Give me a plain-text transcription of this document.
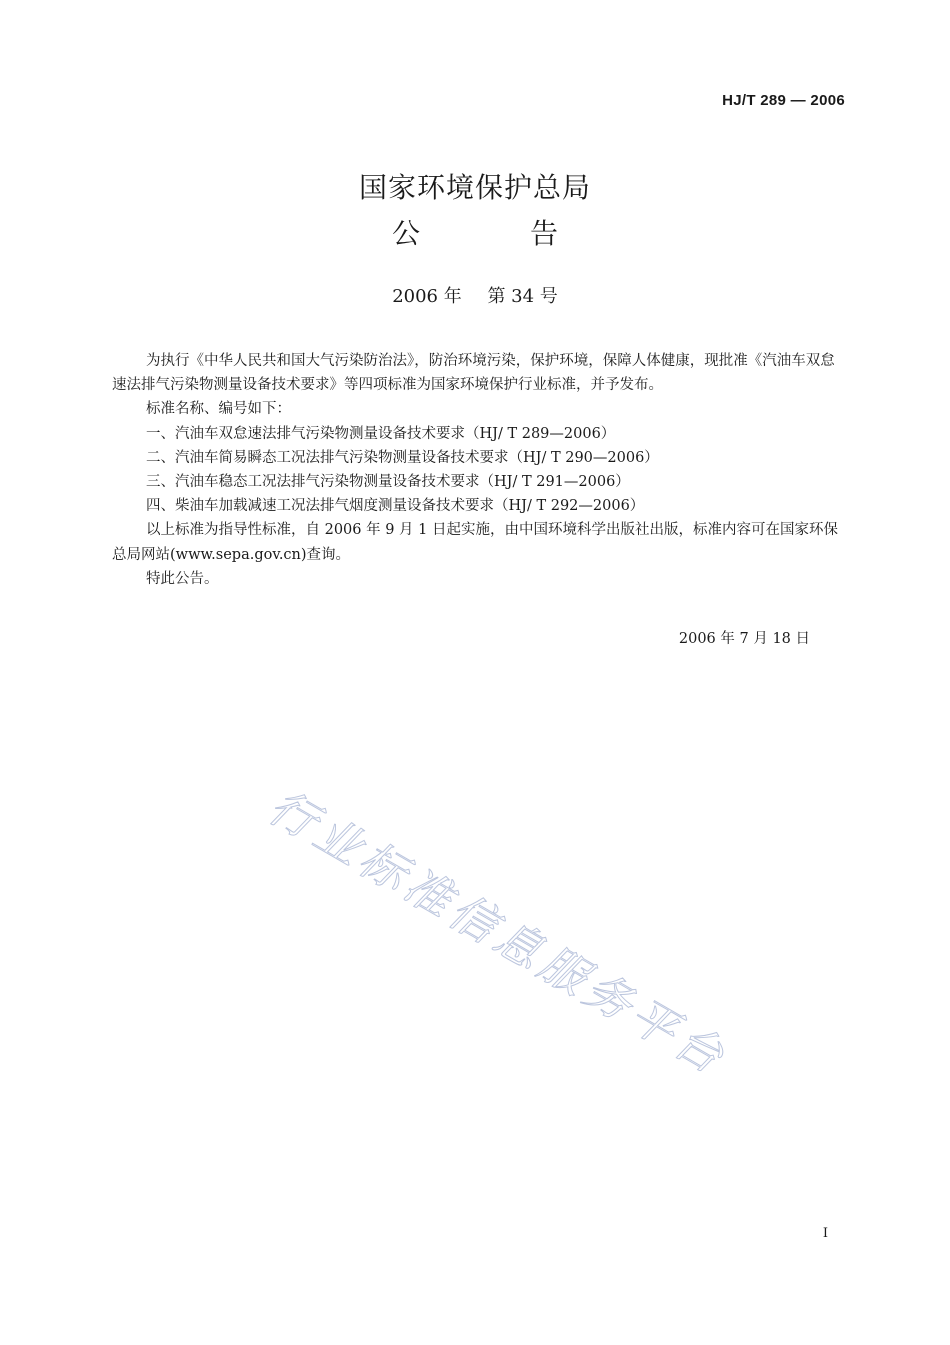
HJ/T 289 — 2006
国家环境保护总局
公告
2006 年 第 34 号

为执行《中华人民共和国大气污染防治法》，防治环境污染，保护环境，保障人体健康，现批准《汽油车双怠速法排气污染物测量设备技术要求》等四项标准为国家环境保护行业标准，并予发布。

标准名称、编号如下：

一、汽油车双怠速法排气污染物测量设备技术要求（HJ/ T 289—2006）

二、汽油车简易瞬态工况法排气污染物测量设备技术要求（HJ/ T 290—2006）

三、汽油车稳态工况法排气污染物测量设备技术要求（HJ/ T 291—2006）

四、柴油车加载减速工况法排气烟度测量设备技术要求（HJ/ T 292—2006）

以上标准为指导性标准，自 2006 年 9 月 1 日起实施，由中国环境科学出版社出版，标准内容可在国家环保总局网站(www.sepa.gov.cn)查询。

特此公告。

2006 年 7 月 18 日
行业标准信息服务平台
I
